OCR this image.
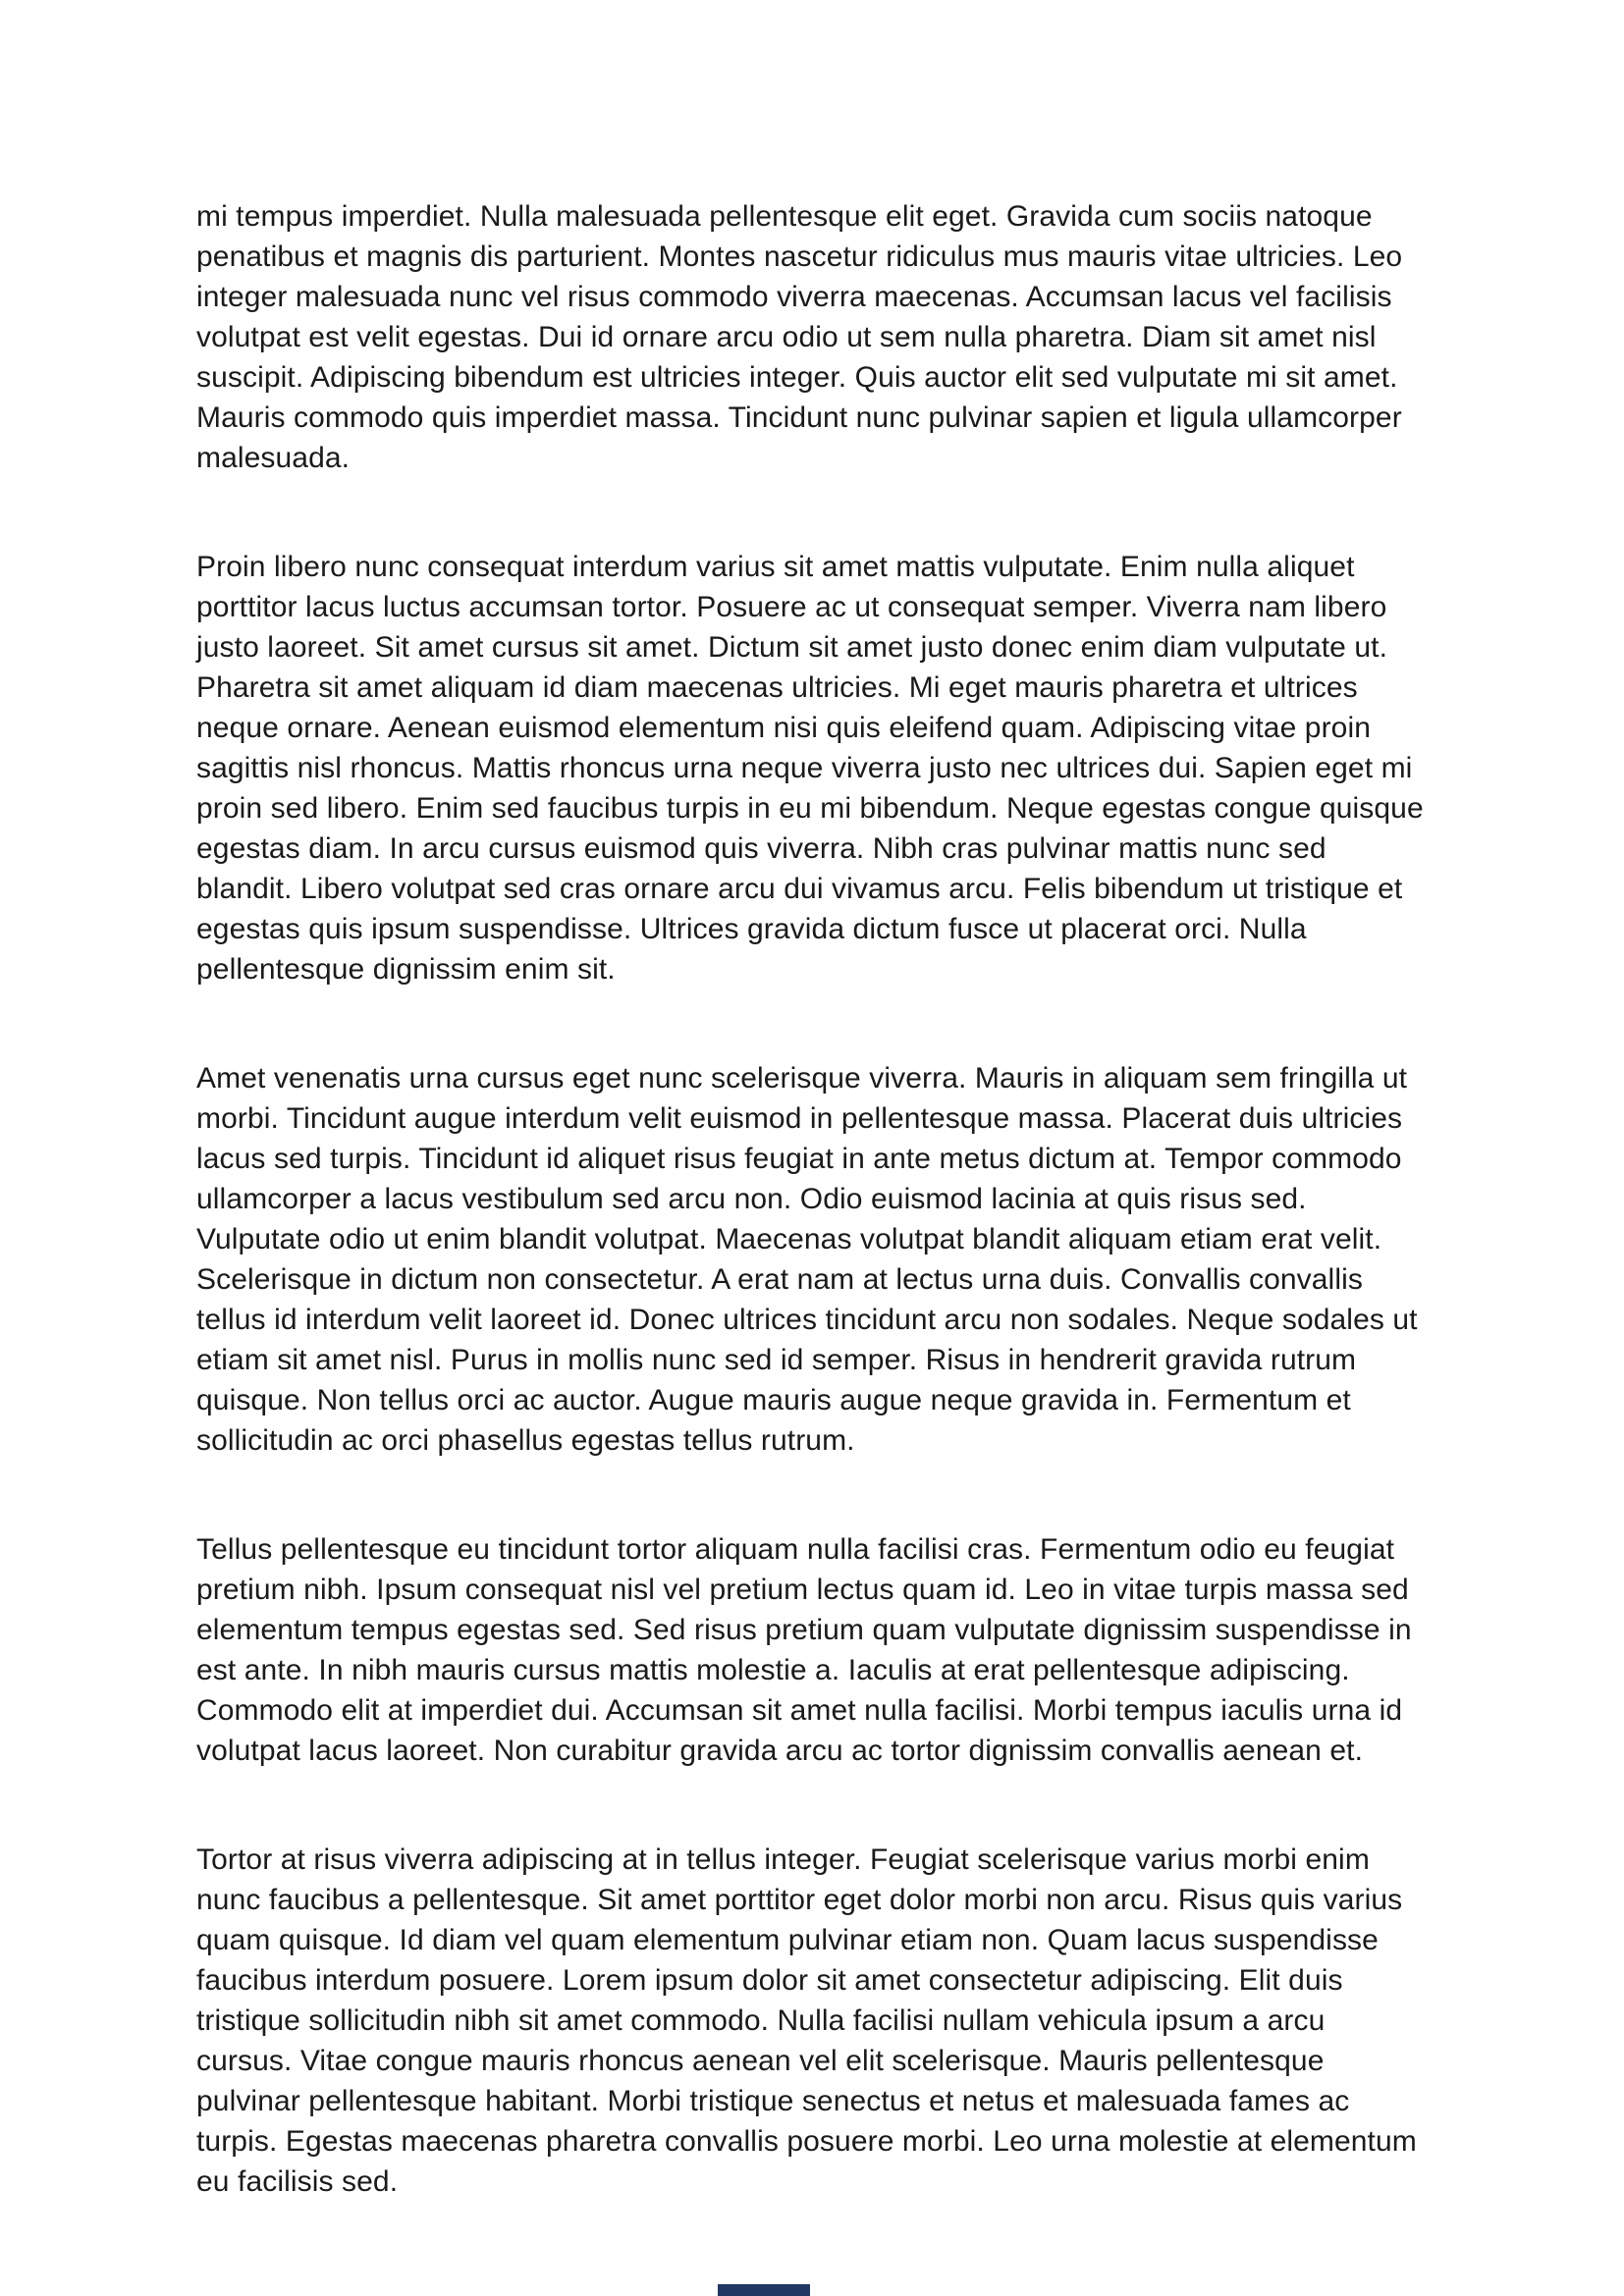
mi tempus imperdiet. Nulla malesuada pellentesque elit eget. Gravida cum sociis natoque penatibus et magnis dis parturient. Montes nascetur ridiculus mus mauris vitae ultricies. Leo integer malesuada nunc vel risus commodo viverra maecenas. Accumsan lacus vel facilisis volutpat est velit egestas. Dui id ornare arcu odio ut sem nulla pharetra. Diam sit amet nisl suscipit. Adipiscing bibendum est ultricies integer. Quis auctor elit sed vulputate mi sit amet. Mauris commodo quis imperdiet massa. Tincidunt nunc pulvinar sapien et ligula ullamcorper malesuada.

Proin libero nunc consequat interdum varius sit amet mattis vulputate. Enim nulla aliquet porttitor lacus luctus accumsan tortor. Posuere ac ut consequat semper. Viverra nam libero justo laoreet. Sit amet cursus sit amet. Dictum sit amet justo donec enim diam vulputate ut. Pharetra sit amet aliquam id diam maecenas ultricies. Mi eget mauris pharetra et ultrices neque ornare. Aenean euismod elementum nisi quis eleifend quam. Adipiscing vitae proin sagittis nisl rhoncus. Mattis rhoncus urna neque viverra justo nec ultrices dui. Sapien eget mi proin sed libero. Enim sed faucibus turpis in eu mi bibendum. Neque egestas congue quisque egestas diam. In arcu cursus euismod quis viverra. Nibh cras pulvinar mattis nunc sed blandit. Libero volutpat sed cras ornare arcu dui vivamus arcu. Felis bibendum ut tristique et egestas quis ipsum suspendisse. Ultrices gravida dictum fusce ut placerat orci. Nulla pellentesque dignissim enim sit.

Amet venenatis urna cursus eget nunc scelerisque viverra. Mauris in aliquam sem fringilla ut morbi. Tincidunt augue interdum velit euismod in pellentesque massa. Placerat duis ultricies lacus sed turpis. Tincidunt id aliquet risus feugiat in ante metus dictum at. Tempor commodo ullamcorper a lacus vestibulum sed arcu non. Odio euismod lacinia at quis risus sed. Vulputate odio ut enim blandit volutpat. Maecenas volutpat blandit aliquam etiam erat velit. Scelerisque in dictum non consectetur. A erat nam at lectus urna duis. Convallis convallis tellus id interdum velit laoreet id. Donec ultrices tincidunt arcu non sodales. Neque sodales ut etiam sit amet nisl. Purus in mollis nunc sed id semper. Risus in hendrerit gravida rutrum quisque. Non tellus orci ac auctor. Augue mauris augue neque gravida in. Fermentum et sollicitudin ac orci phasellus egestas tellus rutrum.

Tellus pellentesque eu tincidunt tortor aliquam nulla facilisi cras. Fermentum odio eu feugiat pretium nibh. Ipsum consequat nisl vel pretium lectus quam id. Leo in vitae turpis massa sed elementum tempus egestas sed. Sed risus pretium quam vulputate dignissim suspendisse in est ante. In nibh mauris cursus mattis molestie a. Iaculis at erat pellentesque adipiscing. Commodo elit at imperdiet dui. Accumsan sit amet nulla facilisi. Morbi tempus iaculis urna id volutpat lacus laoreet. Non curabitur gravida arcu ac tortor dignissim convallis aenean et.

Tortor at risus viverra adipiscing at in tellus integer. Feugiat scelerisque varius morbi enim nunc faucibus a pellentesque. Sit amet porttitor eget dolor morbi non arcu. Risus quis varius quam quisque. Id diam vel quam elementum pulvinar etiam non. Quam lacus suspendisse faucibus interdum posuere. Lorem ipsum dolor sit amet consectetur adipiscing. Elit duis tristique sollicitudin nibh sit amet commodo. Nulla facilisi nullam vehicula ipsum a arcu cursus. Vitae congue mauris rhoncus aenean vel elit scelerisque. Mauris pellentesque pulvinar pellentesque habitant. Morbi tristique senectus et netus et malesuada fames ac turpis. Egestas maecenas pharetra convallis posuere morbi. Leo urna molestie at elementum eu facilisis sed.
